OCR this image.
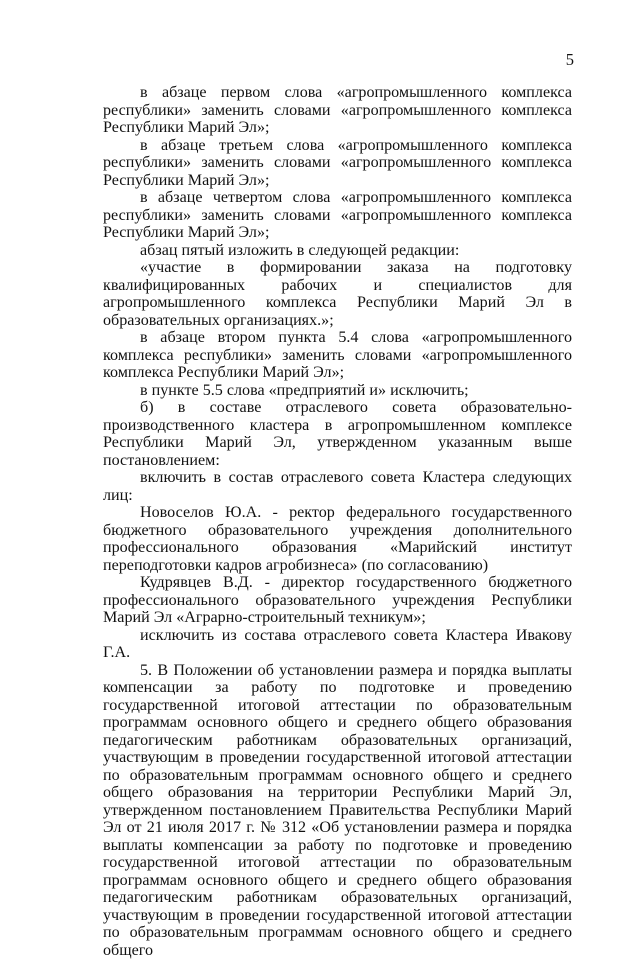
5

в абзаце первом слова «агропромышленного комплекса республики» заменить словами «агропромышленного комплекса Республики Марий Эл»;

в абзаце третьем слова «агропромышленного комплекса республики» заменить словами «агропромышленного комплекса Республики Марий Эл»;

в абзаце четвертом слова «агропромышленного комплекса республики» заменить словами «агропромышленного комплекса Республики Марий Эл»;

абзац пятый изложить в следующей редакции:

«участие в формировании заказа на подготовку квалифицированных рабочих и специалистов для агропромышленного комплекса Республики Марий Эл в образовательных организациях.»;

в абзаце втором пункта 5.4 слова «агропромышленного комплекса республики» заменить словами «агропромышленного комплекса Республики Марий Эл»;

в пункте 5.5 слова «предприятий и» исключить;

б) в составе отраслевого совета образовательно-производственного кластера в агропромышленном комплексе Республики Марий Эл, утвержденном указанным выше постановлением:

включить в состав отраслевого совета Кластера следующих лиц:

Новоселов Ю.А. - ректор федерального государственного бюджетного образовательного учреждения дополнительного профессионального образования «Марийский институт переподготовки кадров агробизнеса» (по согласованию)

Кудрявцев В.Д. - директор государственного бюджетного профессионального образовательного учреждения Республики Марий Эл «Аграрно-строительный техникум»;

исключить из состава отраслевого совета Кластера Ивакову Г.А.

5. В Положении об установлении размера и порядка выплаты компенсации за работу по подготовке и проведению государственной итоговой аттестации по образовательным программам основного общего и среднего общего образования педагогическим работникам образовательных организаций, участвующим в проведении государственной итоговой аттестации по образовательным программам основного общего и среднего общего образования на территории Республики Марий Эл, утвержденном постановлением Правительства Республики Марий Эл от 21 июля 2017 г. № 312 «Об установлении размера и порядка выплаты компенсации за работу по подготовке и проведению государственной итоговой аттестации по образовательным программам основного общего и среднего общего образования педагогическим работникам образовательных организаций, участвующим в проведении государственной итоговой аттестации по образовательным программам основного общего и среднего общего
